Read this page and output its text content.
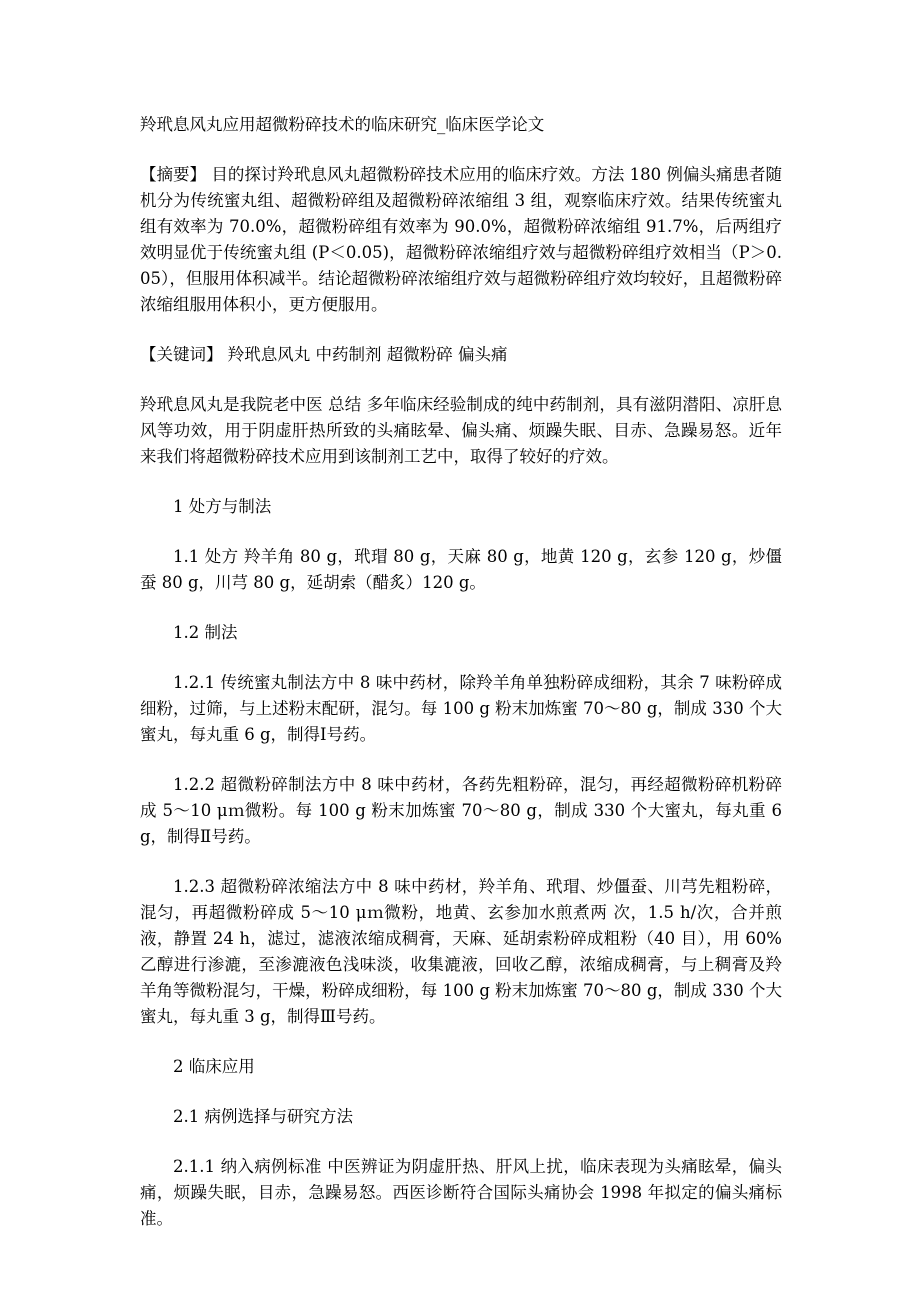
羚玳息风丸应用超微粉碎技术的临床研究_临床医学论文

【摘要】 目的探讨羚玳息风丸超微粉碎技术应用的临床疗效。方法 180 例偏头痛患者随机分为传统蜜丸组、超微粉碎组及超微粉碎浓缩组 3 组，观察临床疗效。结果传统蜜丸组有效率为 70.0%，超微粉碎组有效率为 90.0%，超微粉碎浓缩组 91.7%，后两组疗效明显优于传统蜜丸组 (P＜0.05)，超微粉碎浓缩组疗效与超微粉碎组疗效相当（P＞0.05），但服用体积减半。结论超微粉碎浓缩组疗效与超微粉碎组疗效均较好，且超微粉碎浓缩组服用体积小，更方便服用。

【关键词】 羚玳息风丸 中药制剂 超微粉碎 偏头痛

羚玳息风丸是我院老中医 总结 多年临床经验制成的纯中药制剂，具有滋阴潜阳、凉肝息风等功效，用于阴虚肝热所致的头痛眩晕、偏头痛、烦躁失眠、目赤、急躁易怒。近年来我们将超微粉碎技术应用到该制剂工艺中，取得了较好的疗效。

1 处方与制法

1.1 处方 羚羊角 80 g，玳瑁 80 g，天麻 80 g，地黄 120 g，玄参 120 g，炒僵蚕 80 g，川芎 80 g，延胡索（醋炙）120 g。

1.2 制法

1.2.1 传统蜜丸制法方中 8 味中药材，除羚羊角单独粉碎成细粉，其余 7 味粉碎成细粉，过筛，与上述粉末配研，混匀。每 100 g 粉末加炼蜜 70～80 g，制成 330 个大蜜丸，每丸重 6 g，制得Ⅰ号药。

1.2.2 超微粉碎制法方中 8 味中药材，各药先粗粉碎，混匀，再经超微粉碎机粉碎成 5～10 μｍ微粉。每 100 g 粉末加炼蜜 70～80 g，制成 330 个大蜜丸，每丸重 6 g，制得Ⅱ号药。

1.2.3 超微粉碎浓缩法方中 8 味中药材，羚羊角、玳瑁、炒僵蚕、川芎先粗粉碎，混匀，再超微粉碎成 5～10 μｍ微粉，地黄、玄参加水煎煮两 次，1.5 h/次，合并煎液，静置 24 h，滤过，滤液浓缩成稠膏，天麻、延胡索粉碎成粗粉（40 目），用 60%乙醇进行渗漉，至渗漉液色浅味淡，收集漉液，回收乙醇，浓缩成稠膏，与上稠膏及羚羊角等微粉混匀，干燥，粉碎成细粉，每 100 g 粉末加炼蜜 70～80 g，制成 330 个大蜜丸，每丸重 3 g，制得Ⅲ号药。

2 临床应用

2.1 病例选择与研究方法

2.1.1 纳入病例标准 中医辨证为阴虚肝热、肝风上扰，临床表现为头痛眩晕，偏头痛，烦躁失眠，目赤，急躁易怒。西医诊断符合国际头痛协会 1998 年拟定的偏头痛标准。
